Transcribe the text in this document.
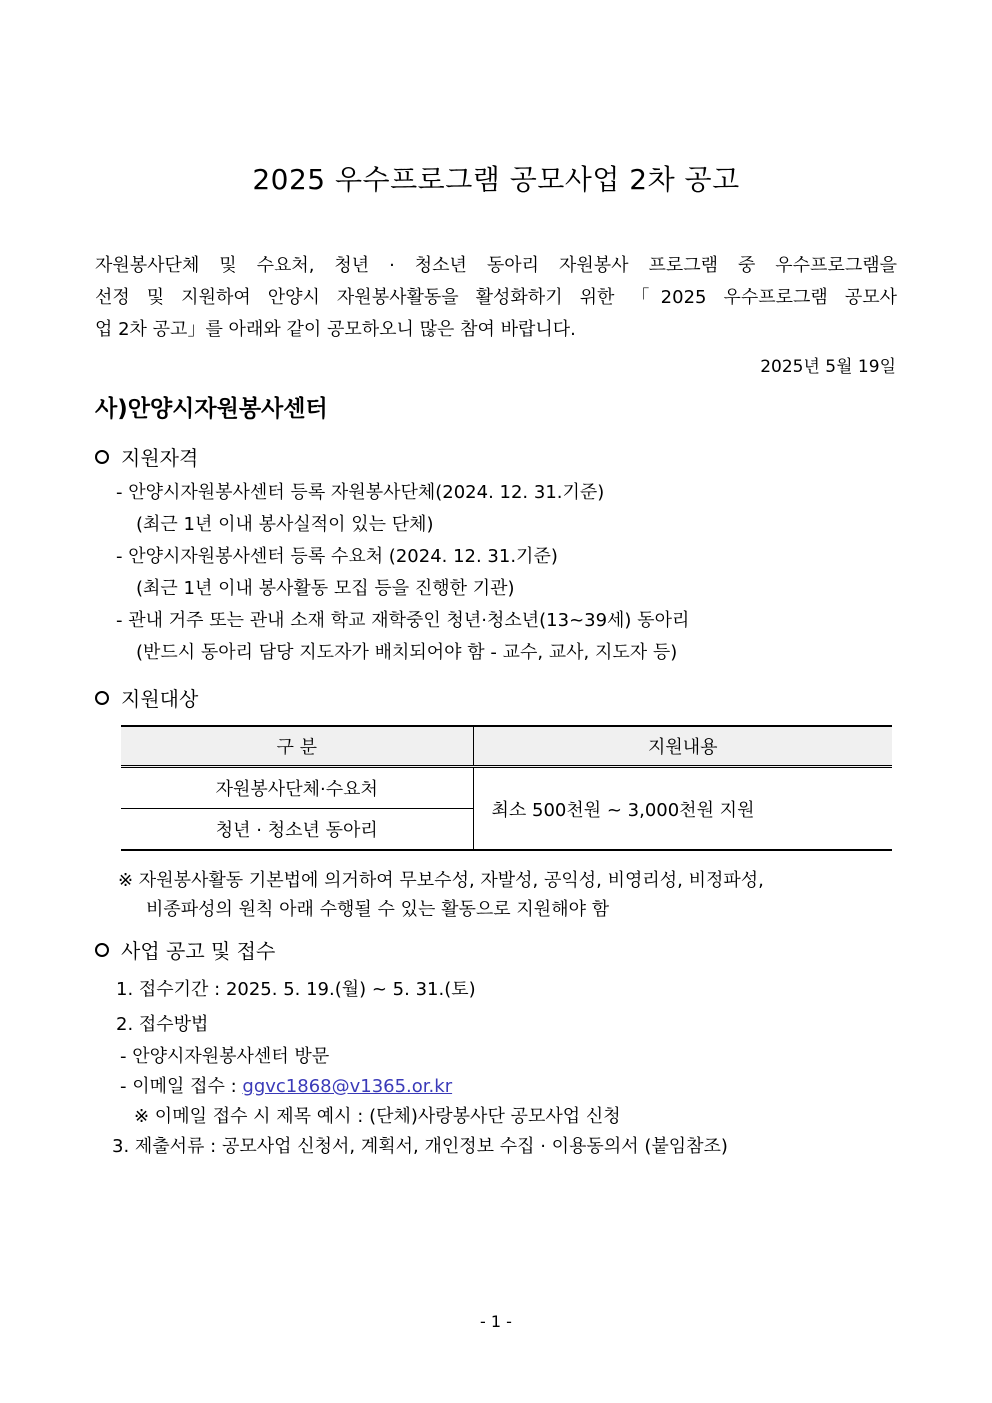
2025 우수프로그램 공모사업 2차 공고
자원봉사단체 및 수요처, 청년 · 청소년 동아리 자원봉사 프로그램 중 우수프로그램을
선정 및 지원하여 안양시 자원봉사활동을 활성화하기 위한 「2025 우수프로그램 공모사
업 2차 공고」를 아래와 같이 공모하오니 많은 참여 바랍니다.
2025년 5월 19일
사)안양시자원봉사센터
지원자격
- 안양시자원봉사센터 등록 자원봉사단체(2024. 12. 31.기준)
(최근 1년 이내 봉사실적이 있는 단체)
- 안양시자원봉사센터 등록 수요처 (2024. 12. 31.기준)
(최근 1년 이내 봉사활동 모집 등을 진행한 기관)
- 관내 거주 또는 관내 소재 학교 재학중인 청년·청소년(13~39세) 동아리
(반드시 동아리 담당 지도자가 배치되어야 함 - 교수, 교사, 지도자 등)
지원대상
구 분	지원내용
자원봉사단체·수요처	최소 500천원 ~ 3,000천원 지원
청년 · 청소년 동아리	
※ 자원봉사활동 기본법에 의거하여 무보수성, 자발성, 공익성, 비영리성, 비정파성,
비종파성의 원칙 아래 수행될 수 있는 활동으로 지원해야 함
사업 공고 및 접수
1. 접수기간 : 2025. 5. 19.(월) ~ 5. 31.(토)
2. 접수방법
- 안양시자원봉사센터 방문
- 이메일 접수 : ggvc1868@v1365.or.kr
※ 이메일 접수 시 제목 예시 : (단체)사랑봉사단 공모사업 신청
3. 제출서류 : 공모사업 신청서, 계획서, 개인정보 수집 · 이용동의서 (붙임참조)
- 1 -
